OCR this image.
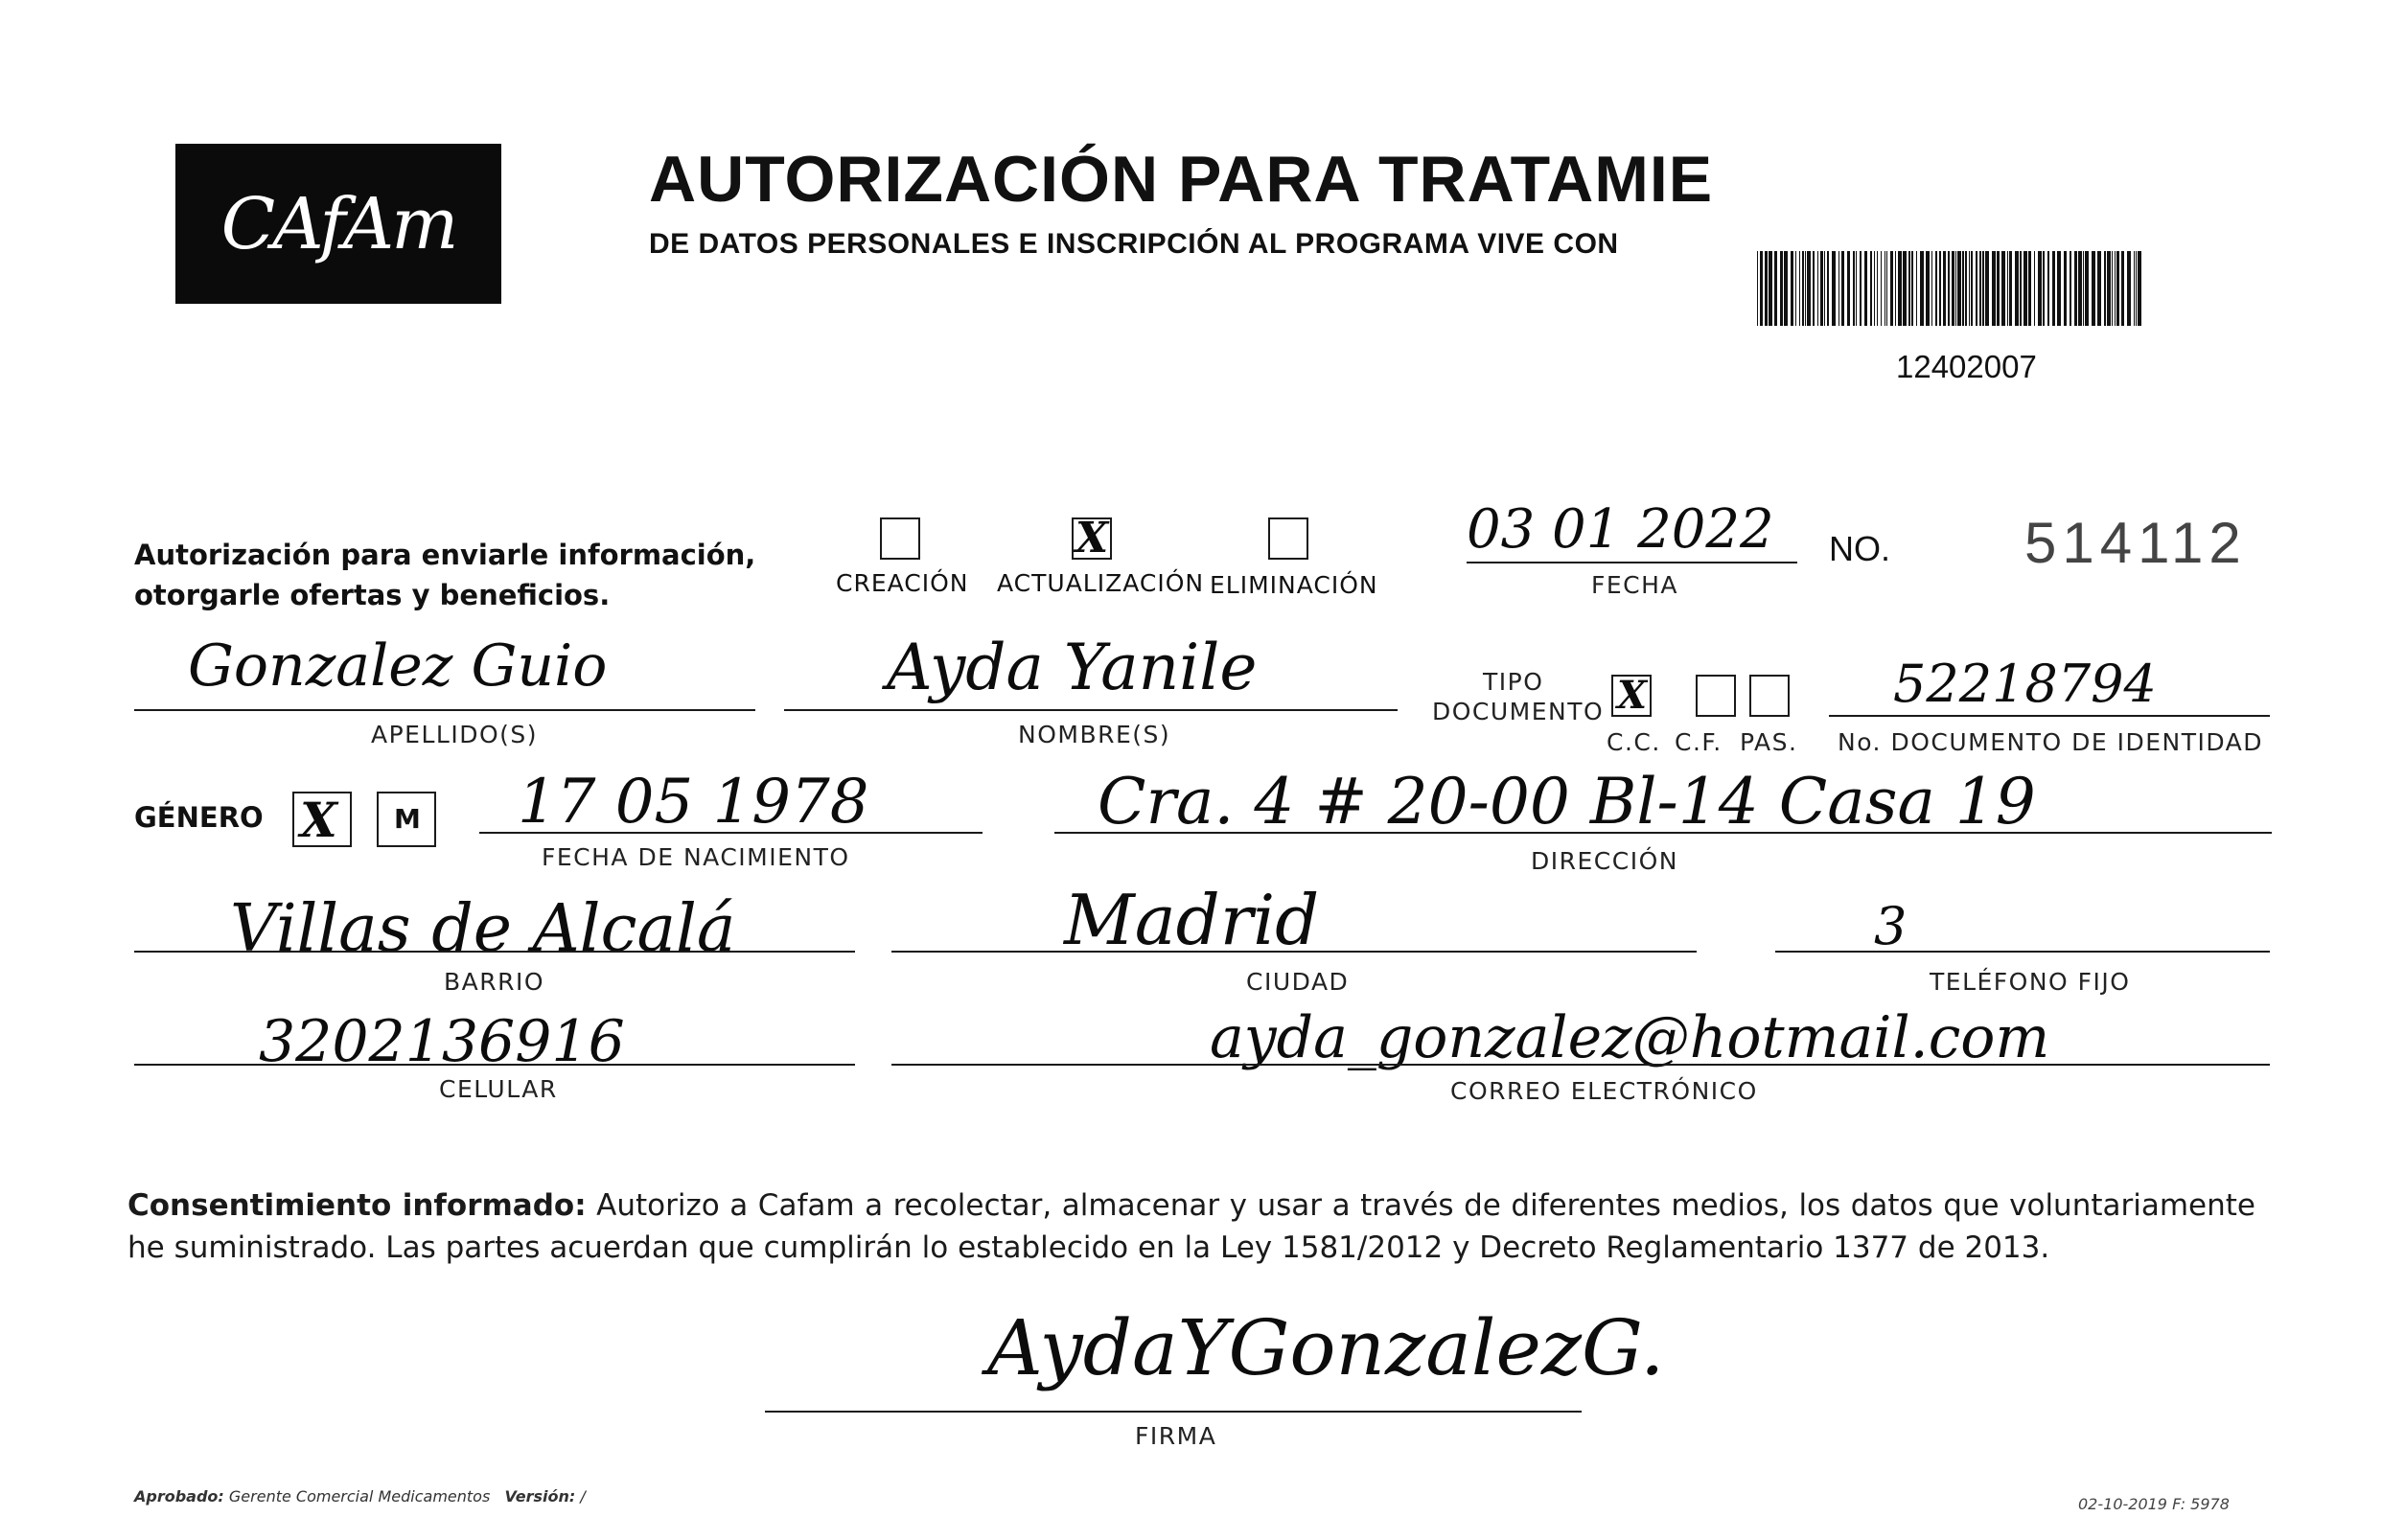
CAfAm
AUTORIZACIÓN PARA TRATAMIE
DE DATOS PERSONALES E INSCRIPCIÓN AL PROGRAMA VIVE CON
12402007
Autorización para enviarle información,
otorgarle ofertas y beneficios.	CREACIÓN
X
ACTUALIZACIÓN ELIMINACIÓN
03 01 2022
FECHA
NO. 514112
Gonzalez Guio
APELLIDO(S)
Ayda Yanile
NOMBRE(S)
TIPO
DOCUMENTO X
C.C. C.F. PAS.
52218794
No. DOCUMENTO DE IDENTIDAD
GÉNERO X M 17 05 1978
FECHA DE NACIMIENTO
Cra. 4 # 20-00 Bl-14 Casa 19
DIRECCIÓN
Villas de Alcalá
BARRIO
Madrid
CIUDAD
3
TELÉFONO FIJO
3202136916
CELULAR
ayda_gonzalez@hotmail.com
CORREO ELECTRÓNICO
Consentimiento informado: Autorizo a Cafam a recolectar, almacenar y usar a través de diferentes medios, los datos que voluntariamente he suministrado. Las partes acuerdan que cumplirán lo establecido en la Ley 1581/2012 y Decreto Reglamentario 1377 de 2013.
AydaYGonzalezG.
FIRMA
Aprobado: Gerente Comercial Medicamentos Versión: /	02-10-2019 F: 5978
